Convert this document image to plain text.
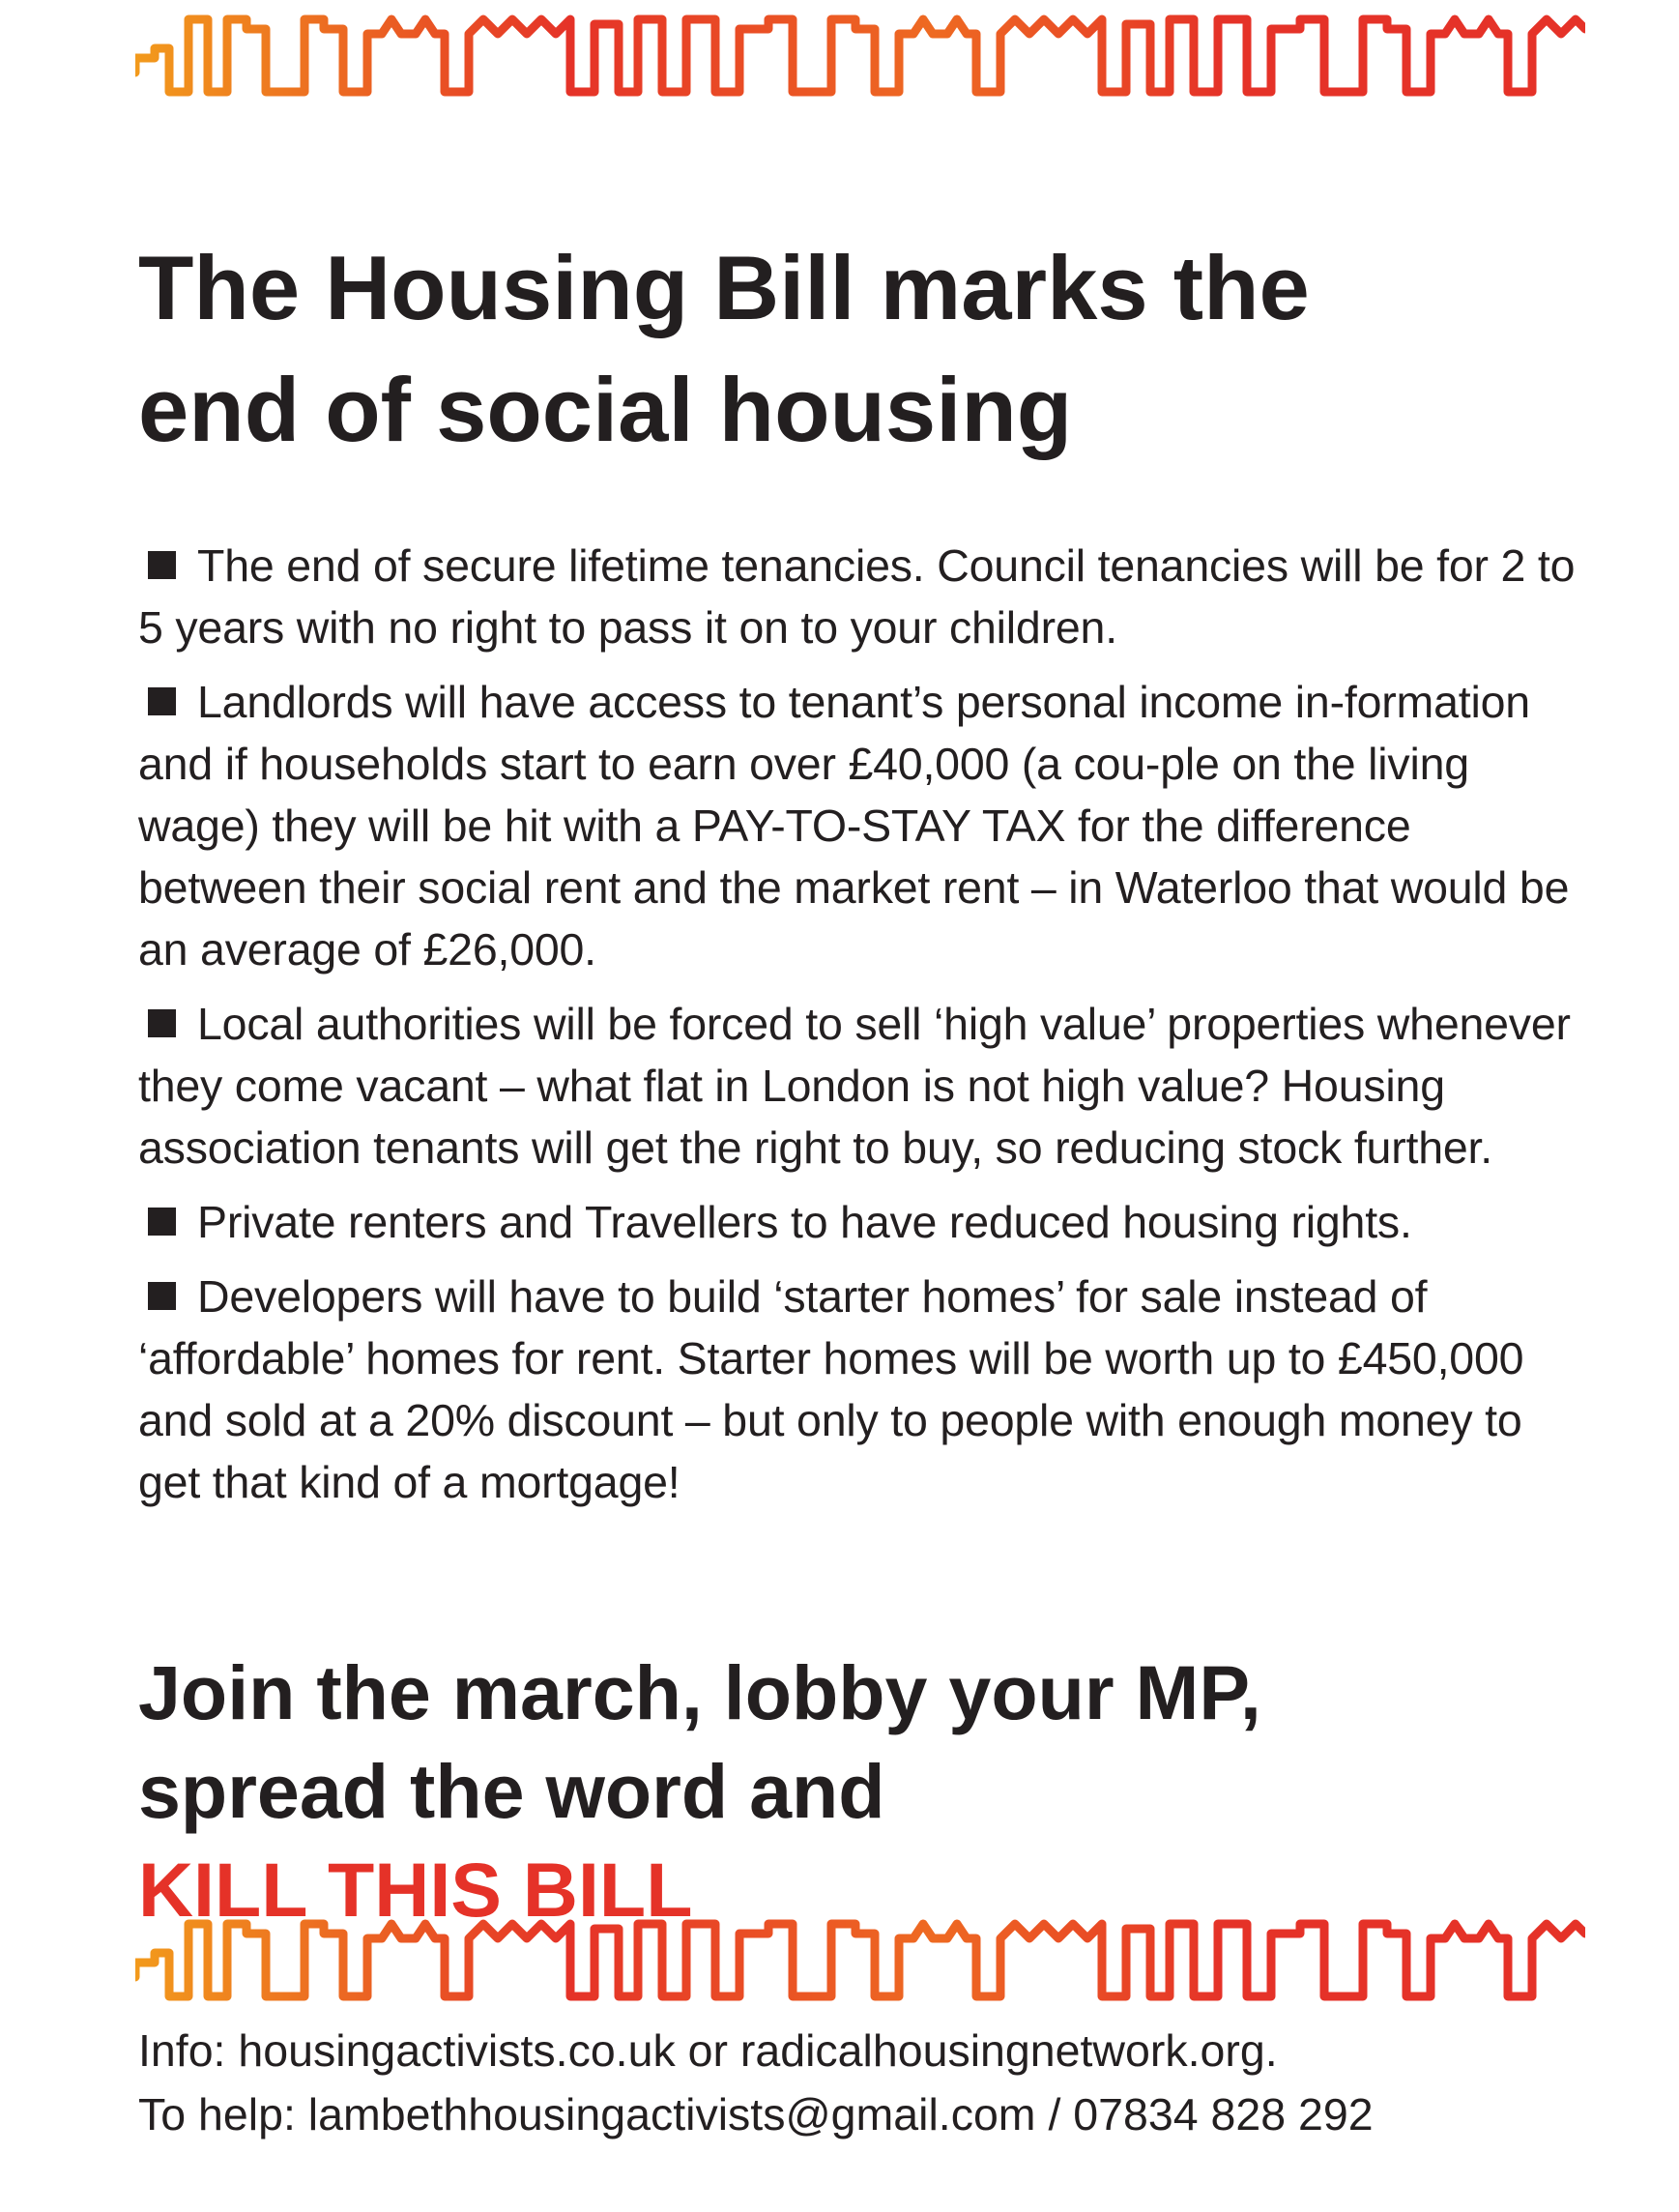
The Housing Bill marks the
end of social housing
The end of secure lifetime tenancies. Council tenancies will be for 2 to 5 years with no right to pass it on to your children.
Landlords will have access to tenant’s personal income in-formation and if households start to earn over £40,000 (a cou-ple on the living wage) they will be hit with a PAY-TO-STAY TAX for the difference between their social rent and the market rent – in Waterloo that would be an average of £26,000.
Local authorities will be forced to sell ‘high value’ properties whenever they come vacant – what flat in London is not high value? Housing association tenants will get the right to buy, so reducing stock further.
Private renters and Travellers to have reduced housing rights.
Developers will have to build ‘starter homes’ for sale instead of ‘affordable’ homes for rent. Starter homes will be worth up to £450,000 and sold at a 20% discount – but only to people with enough money to get that kind of a mortgage!
Join the march, lobby your MP,
spread the word and
KILL THIS BILL
Info: housingactivists.co.uk or radicalhousingnetwork.org.
To help: lambethhousingactivists@gmail.com / 07834 828 292
